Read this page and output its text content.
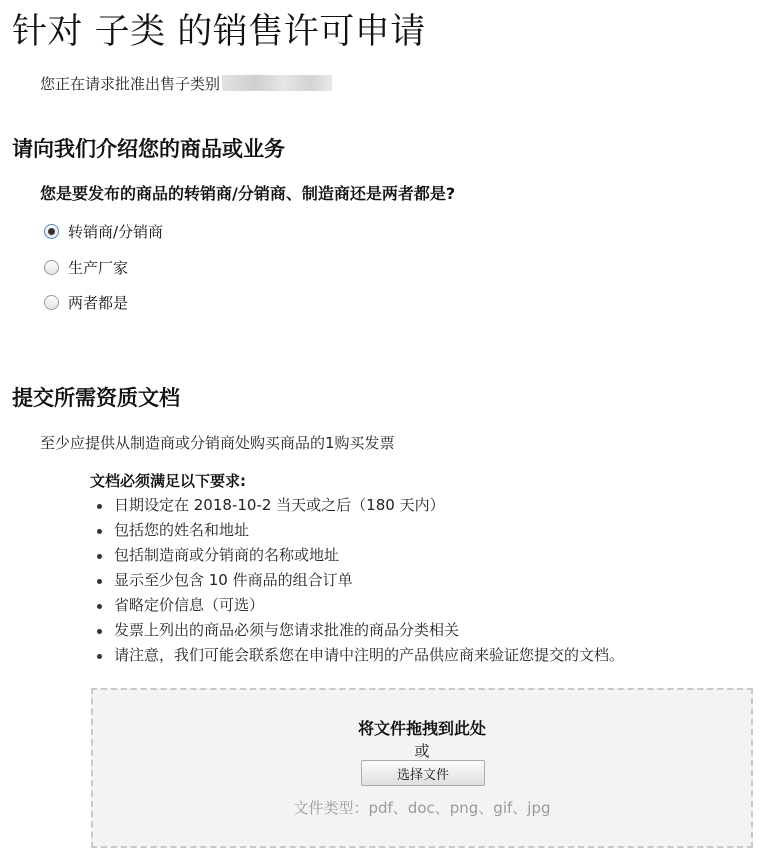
针对 子类 的销售许可申请
您正在请求批准出售子类别
请向我们介绍您的商品或业务
您是要发布的商品的转销商/分销商、制造商还是两者都是?
转销商/分销商
生产厂家
两者都是
提交所需资质文档
至少应提供从制造商或分销商处购买商品的1购买发票
文档必须满足以下要求:
日期设定在 2018-10-2 当天或之后（180 天内）
包括您的姓名和地址
包括制造商或分销商的名称或地址
显示至少包含 10 件商品的组合订单
省略定价信息（可选）
发票上列出的商品必须与您请求批准的商品分类相关
请注意，我们可能会联系您在申请中注明的产品供应商来验证您提交的文档。
将文件拖拽到此处
或
选择文件
文件类型：pdf、doc、png、gif、jpg
